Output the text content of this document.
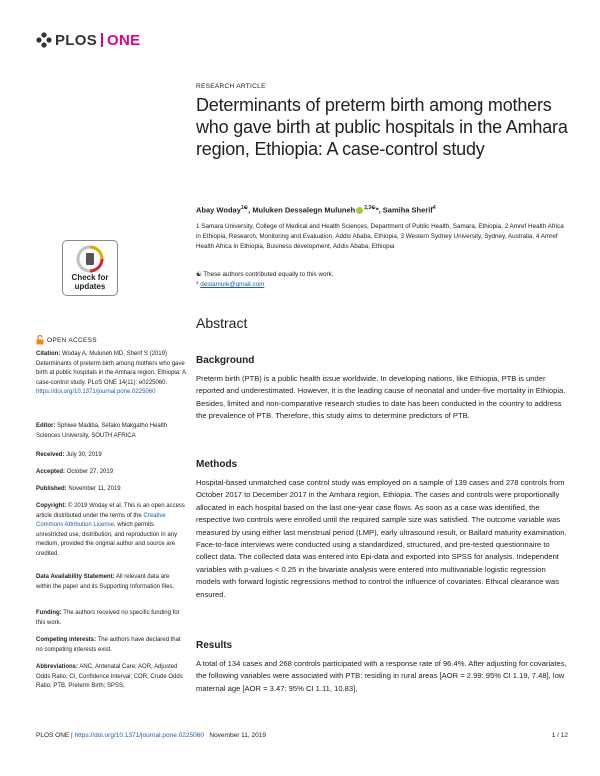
PLOS ONE
Check for
updates
OPEN ACCESS
Citation: Woday A, Muluneh MD, Sherif S (2019) Determinants of preterm birth among mothers who gave birth at public hospitals in the Amhara region, Ethiopia: A case-control study. PLoS ONE 14(11): e0225060. https://doi.org/10.1371/journal.pone.0225060
Editor: Sphiwe Madiba, Sefako Makgatho Health Sciences University, SOUTH AFRICA
Received: July 30, 2019
Accepted: October 27, 2019
Published: November 11, 2019
Copyright: © 2019 Woday et al. This is an open access article distributed under the terms of the Creative Commons Attribution License, which permits unrestricted use, distribution, and reproduction in any medium, provided the original author and source are credited.
Data Availability Statement: All relevant data are within the paper and its Supporting Information files.
Funding: The authors received no specific funding for this work.
Competing interests: The authors have declared that no competing interests exist.
Abbreviations: ANC, Antenatal Care; AOR, Adjusted Odds Ratio; CI, Confidence Interval; COR, Crude Odds Ratio; PTB, Preterm Birth; SPSS,
RESEARCH ARTICLE
Determinants of preterm birth among mothers who gave birth at public hospitals in the Amhara region, Ethiopia: A case-control study
Abay Woday$^{1☯}$, Muluken Dessalegn Muluneh $^{2,3☯}$*, Samiha Sherif$^4$
1 Samara University, College of Medical and Health Sciences, Department of Public Health, Samara, Ethiopia, 2 Amref Health Africa in Ethiopia, Research, Monitoring and Evaluation, Addis Ababa, Ethiopia, 3 Western Sydney University, Sydney, Australia, 4 Amref Health Africa in Ethiopia, Business development, Addis Ababa, Ethiopia
☯ These authors contributed equally to this work.
* destamule@gmail.com
Abstract
Background
Preterm birth (PTB) is a public health issue worldwide. In developing nations, like Ethiopia, PTB is under reported and underestimated. However, it is the leading cause of neonatal and under-five mortality in Ethiopia. Besides, limited and non-comparative research studies to date has been conducted in the country to address the prevalence of PTB. Therefore, this study aims to determine predictors of PTB.
Methods
Hospital-based unmatched case control study was employed on a sample of 139 cases and 278 controls from October 2017 to December 2017 in the Amhara region, Ethiopia. The cases and controls were proportionally allocated in each hospital based on the last one-year case flows. As soon as a case was identified, the respective two controls were enrolled until the required sample size was satisfied. The outcome variable was measured by using either last menstrual period (LMP), early ultrasound result, or Ballard maturity examination. Face-to-face interviews were conducted using a standardized, structured, and pre-tested questionnaire to collect data. The collected data was entered into Epi-data and exported into SPSS for analysis. Independent variables with p-values < 0.25 in the bivariate analysis were entered into multivariable logistic regression models with forward logistic regressions method to control the influence of covariates. Ethical clearance was ensured.
Results
A total of 134 cases and 268 controls participated with a response rate of 96.4%. After adjusting for covariates, the following variables were associated with PTB: residing in rural areas [AOR = 2.99: 95% CI 1.19, 7.48], low maternal age [AOR = 3.47: 95% CI 1.11, 10.83],
PLOS ONE | https://doi.org/10.1371/journal.pone.0225060 November 11, 2019	1 / 12
